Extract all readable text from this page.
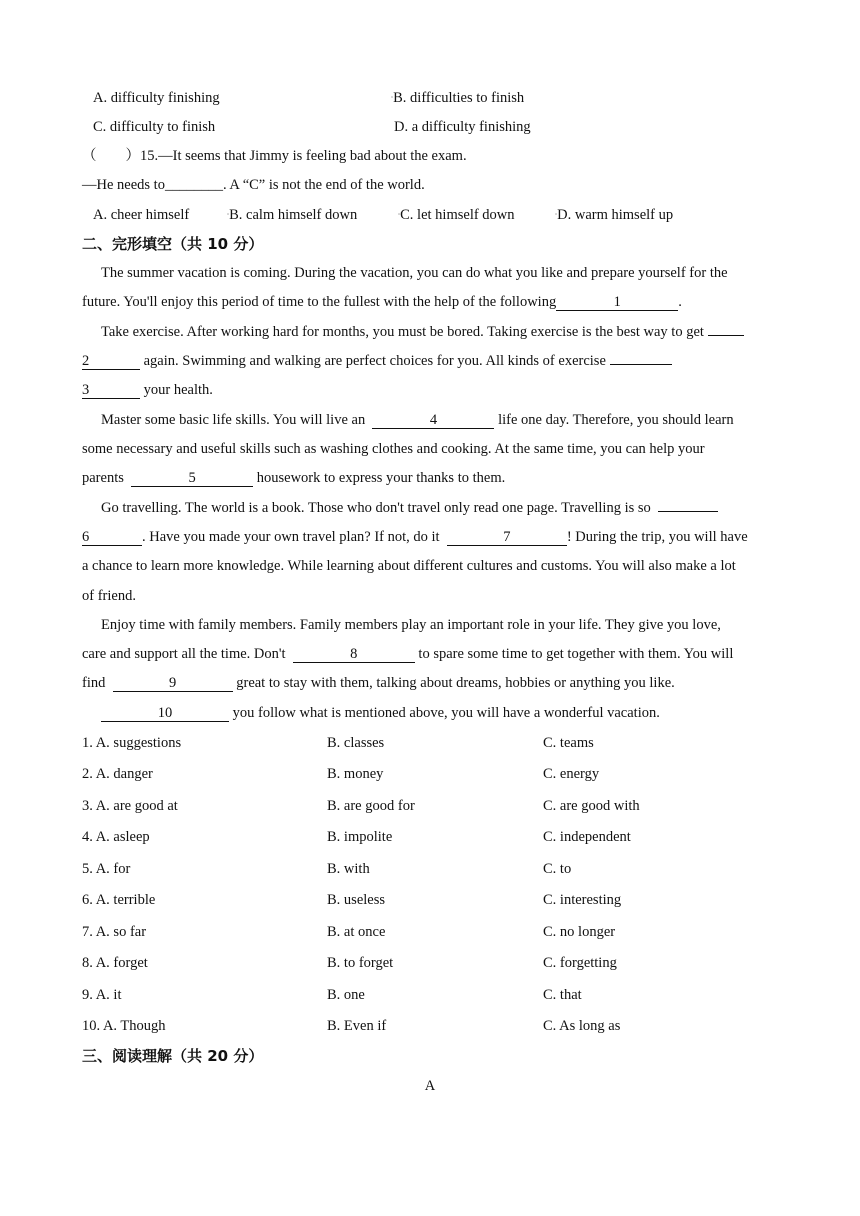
A. difficulty finishing	▫B. difficulties to finish
C. difficulty to finish	D. a difficulty finishing
（　　）15.—It seems that Jimmy is feeling bad about the exam.
—He needs to________. A “C” is not the end of the world.
A. cheer himself	▫B. calm himself down	▫C. let himself down	▫D. warm himself up
二、完形填空（共 10 分）
The summer vacation is coming. During the vacation, you can do what you like and prepare yourself for the
future. You'll enjoy this period of time to the fullest with the help of the following	1	.
Take exercise. After working hard for months, you must be bored. Taking exercise is the best way to get
2	again. Swimming and walking are perfect choices for you. All kinds of exercise
3	your health.
Master some basic life skills. You will live an	4	life one day. Therefore, you should learn
some necessary and useful skills such as washing clothes and cooking. At the same time, you can help your
parents	5	housework to express your thanks to them.
Go travelling. The world is a book. Those who don't travel only read one page. Travelling is so
6	. Have you made your own travel plan? If not, do it	7	! During the trip, you will have
a chance to learn more knowledge. While learning about different cultures and customs. You will also make a lot
of friend.
Enjoy time with family members. Family members play an important role in your life. They give you love,
care and support all the time. Don't	8	to spare some time to get together with them. You will
find	9	great to stay with them, talking about dreams, hobbies or anything you like.
10	you follow what is mentioned above, you will have a wonderful vacation.
1. A. suggestions	B. classes	C. teams
2. A. danger	B. money	C. energy
3. A. are good at	B. are good for	C. are good with
4. A. asleep	B. impolite	C. independent
5. A. for	B. with	C. to
6. A. terrible	B. useless	C. interesting
7. A. so far	B. at once	C. no longer
8. A. forget	B. to forget	C. forgetting
9. A. it	B. one	C. that
10. A. Though	B. Even if	C. As long as
三、阅读理解（共 20 分）
A
